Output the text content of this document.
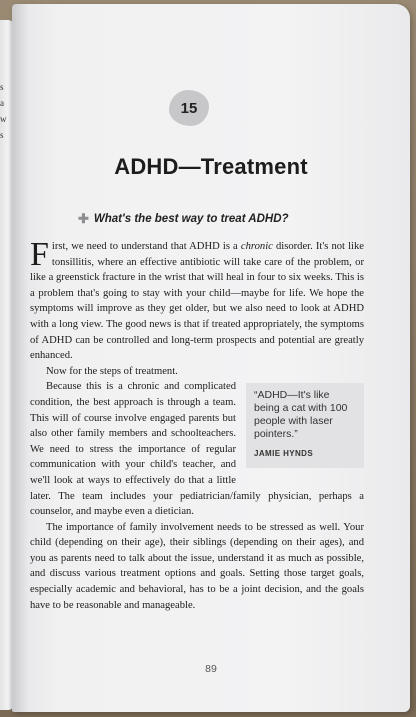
s
a
w
s
15
ADHD—Treatment
✚ What's the best way to treat ADHD?

First, we need to understand that ADHD is a chronic disorder. It's not like tonsillitis, where an effective antibiotic will take care of the problem, or like a greenstick fracture in the wrist that will heal in four to six weeks. This is a problem that's going to stay with your child—maybe for life. We hope the symptoms will improve as they get older, but we also need to look at ADHD with a long view. The good news is that if treated appropriately, the symptoms of ADHD can be controlled and long-term prospects and potential are greatly enhanced.

Now for the steps of treatment.

“ADHD—It's like being a cat with 100 people with laser pointers.”
JAMIE HYNDS

Because this is a chronic and complicated condition, the best approach is through a team. This will of course involve engaged parents but also other family members and schoolteachers. We need to stress the importance of regular communication with your child's teacher, and we'll look at ways to effectively do that a little later. The team includes your pediatrician/family physician, perhaps a counselor, and maybe even a dietician.

The importance of family involvement needs to be stressed as well. Your child (depending on their age), their siblings (depending on their ages), and you as parents need to talk about the issue, understand it as much as possible, and discuss various treatment options and goals. Setting those target goals, especially academic and behavioral, has to be a joint decision, and the goals have to be reasonable and manageable.

89
